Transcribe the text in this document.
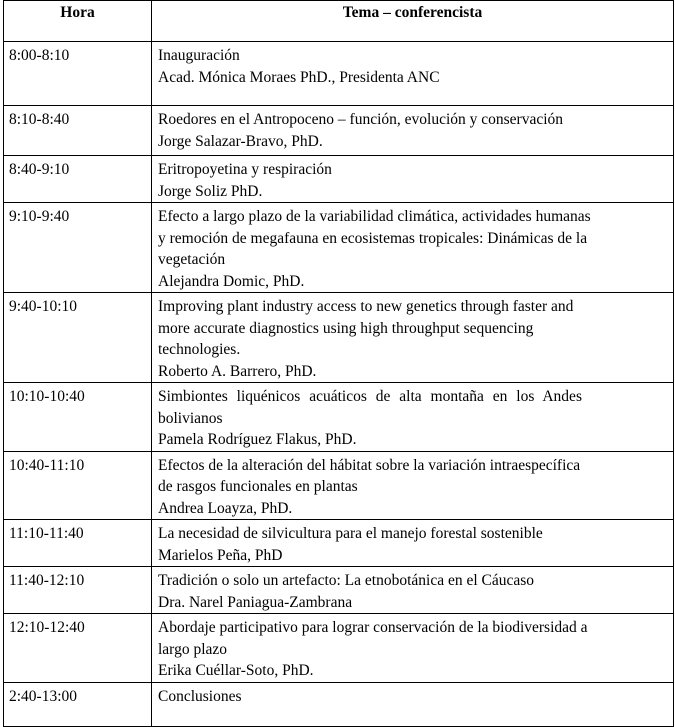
Hora	Tema – conferencista
8:00-8:10	Inauguración
Acad. Mónica Moraes PhD., Presidenta ANC

8:10-8:40	Roedores en el Antropoceno – función, evolución y conservación
Jorge Salazar-Bravo, PhD.

8:40-9:10	Eritropoyetina y respiración
Jorge Soliz PhD.

9:10-9:40	Efecto a largo plazo de la variabilidad climática, actividades humanas
y remoción de megafauna en ecosistemas tropicales: Dinámicas de la
vegetación
Alejandra Domic, PhD.

9:40-10:10	Improving plant industry access to new genetics through faster and
more accurate diagnostics using high throughput sequencing
technologies.
Roberto A. Barrero, PhD.

10:10-10:40	Simbiontes liquénicos acuáticos de alta montaña en los Andes
bolivianos
Pamela Rodríguez Flakus, PhD.

10:40-11:10	Efectos de la alteración del hábitat sobre la variación intraespecífica
de rasgos funcionales en plantas
Andrea Loayza, PhD.

11:10-11:40	La necesidad de silvicultura para el manejo forestal sostenible
Marielos Peña, PhD

11:40-12:10	Tradición o solo un artefacto: La etnobotánica en el Cáucaso
Dra. Narel Paniagua-Zambrana

12:10-12:40	Abordaje participativo para lograr conservación de la biodiversidad a
largo plazo
Erika Cuéllar-Soto, PhD.

2:40-13:00	Conclusiones
